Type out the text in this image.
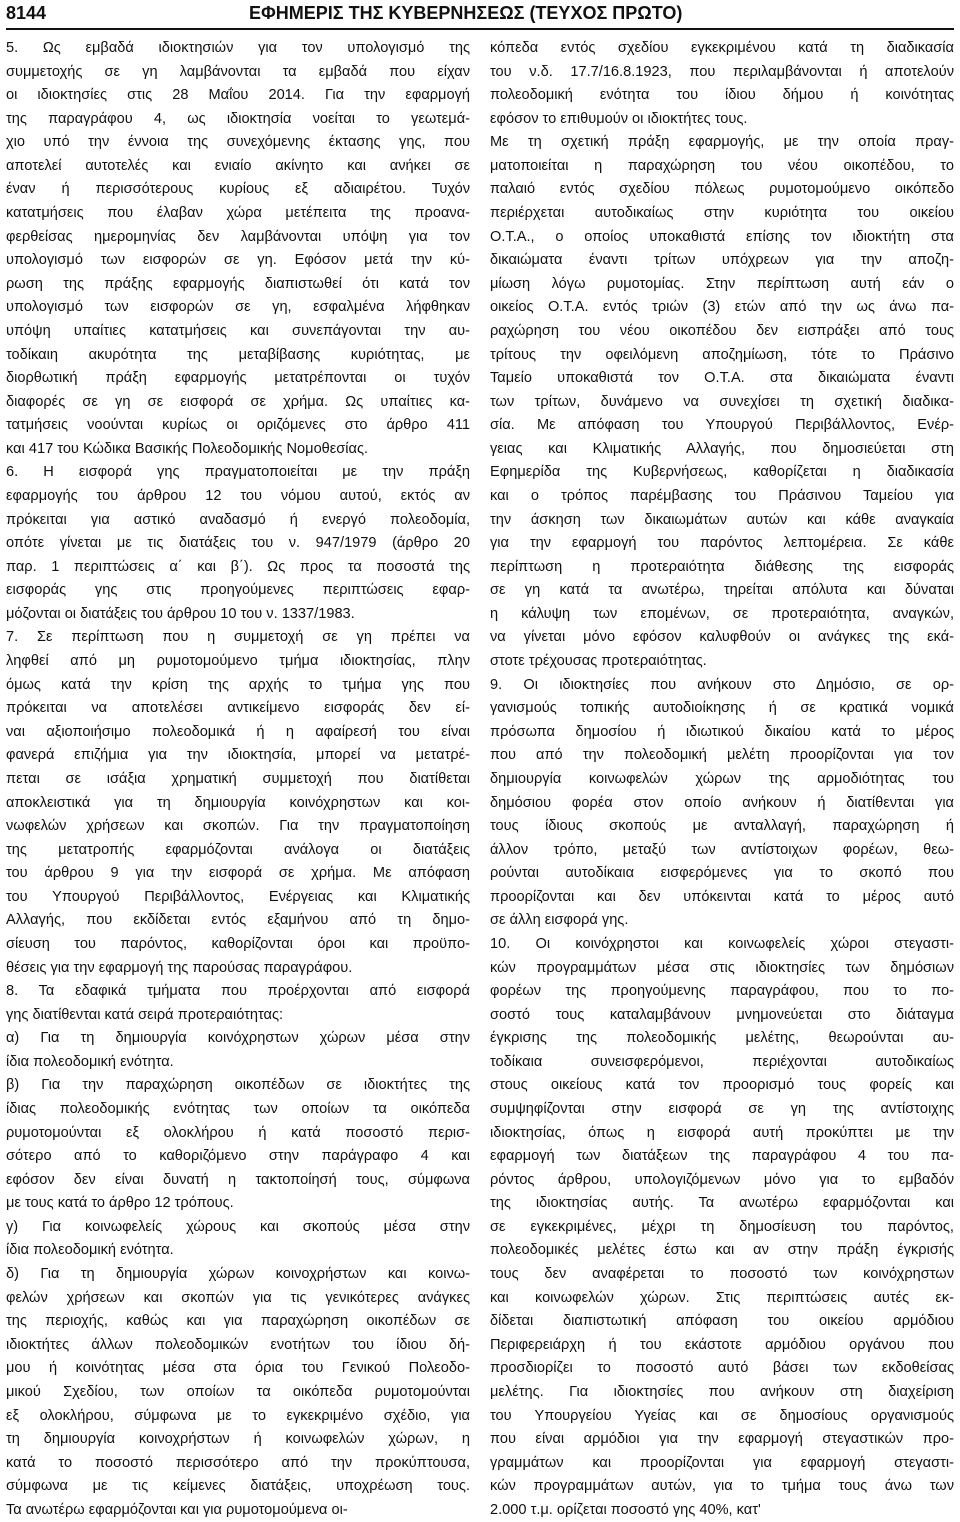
8144	ΕΦΗΜΕΡΙΣ ΤΗΣ ΚΥΒΕΡΝΗΣΕΩΣ (ΤΕΥΧΟΣ ΠΡΩΤΟ)
5. Ως εμβαδά ιδιοκτησιών για τον υπολογισμό της
συμμετοχής σε γη λαμβάνονται τα εμβαδά που είχαν
οι ιδιοκτησίες στις 28 Μαΐου 2014. Για την εφαρμογή
της παραγράφου 4, ως ιδιοκτησία νοείται το γεωτεμά-
χιο υπό την έννοια της συνεχόμενης έκτασης γης, που
αποτελεί αυτοτελές και ενιαίο ακίνητο και ανήκει σε
έναν ή περισσότερους κυρίους εξ αδιαιρέτου. Τυχόν
κατατμήσεις που έλαβαν χώρα μετέπειτα της προανα-
φερθείσας ημερομηνίας δεν λαμβάνονται υπόψη για τον
υπολογισμό των εισφορών σε γη. Εφόσον μετά την κύ-
ρωση της πράξης εφαρμογής διαπιστωθεί ότι κατά τον
υπολογισμό των εισφορών σε γη, εσφαλμένα λήφθηκαν
υπόψη υπαίτιες κατατμήσεις και συνεπάγονται την αυ-
τοδίκαιη ακυρότητα της μεταβίβασης κυριότητας, με
διορθωτική πράξη εφαρμογής μετατρέπονται οι τυχόν
διαφορές σε γη σε εισφορά σε χρήμα. Ως υπαίτιες κα-
τατμήσεις νοούνται κυρίως οι οριζόμενες στο άρθρο 411
και 417 του Κώδικα Βασικής Πολεοδομικής Νομοθεσίας.
6. Η εισφορά γης πραγματοποιείται με την πράξη
εφαρμογής του άρθρου 12 του νόμου αυτού, εκτός αν
πρόκειται για αστικό αναδασμό ή ενεργό πολεοδομία,
οπότε γίνεται με τις διατάξεις του ν. 947/1979 (άρθρο 20
παρ. 1 περιπτώσεις α΄ και β΄). Ως προς τα ποσοστά της
εισφοράς γης στις προηγούμενες περιπτώσεις εφαρ-
μόζονται οι διατάξεις του άρθρου 10 του ν. 1337/1983.
7. Σε περίπτωση που η συμμετοχή σε γη πρέπει να
ληφθεί από μη ρυμοτομούμενο τμήμα ιδιοκτησίας, πλην
όμως κατά την κρίση της αρχής το τμήμα γης που
πρόκειται να αποτελέσει αντικείμενο εισφοράς δεν εί-
ναι αξιοποιήσιμο πολεοδομικά ή η αφαίρεσή του είναι
φανερά επιζήμια για την ιδιοκτησία, μπορεί να μετατρέ-
πεται σε ισάξια χρηματική συμμετοχή που διατίθεται
αποκλειστικά για τη δημιουργία κοινόχρηστων και κοι-
νωφελών χρήσεων και σκοπών. Για την πραγματοποίηση
της μετατροπής εφαρμόζονται ανάλογα οι διατάξεις
του άρθρου 9 για την εισφορά σε χρήμα. Με απόφαση
του Υπουργού Περιβάλλοντος, Ενέργειας και Κλιματικής
Αλλαγής, που εκδίδεται εντός εξαμήνου από τη δημο-
σίευση του παρόντος, καθορίζονται όροι και προϋπο-
θέσεις για την εφαρμογή της παρούσας παραγράφου.
8. Τα εδαφικά τμήματα που προέρχονται από εισφορά
γης διατίθενται κατά σειρά προτεραιότητας:
α) Για τη δημιουργία κοινόχρηστων χώρων μέσα στην
ίδια πολεοδομική ενότητα.
β) Για την παραχώρηση οικοπέδων σε ιδιοκτήτες της
ίδιας πολεοδομικής ενότητας των οποίων τα οικόπεδα
ρυμοτομούνται εξ ολοκλήρου ή κατά ποσοστό περισ-
σότερο από το καθοριζόμενο στην παράγραφο 4 και
εφόσον δεν είναι δυνατή η τακτοποίησή τους, σύμφωνα
με τους κατά το άρθρο 12 τρόπους.
γ) Για κοινωφελείς χώρους και σκοπούς μέσα στην
ίδια πολεοδομική ενότητα.
δ) Για τη δημιουργία χώρων κοινοχρήστων και κοινω-
φελών χρήσεων και σκοπών για τις γενικότερες ανάγκες
της περιοχής, καθώς και για παραχώρηση οικοπέδων σε
ιδιοκτήτες άλλων πολεοδομικών ενοτήτων του ίδιου δή-
μου ή κοινότητας μέσα στα όρια του Γενικού Πολεοδο-
μικού Σχεδίου, των οποίων τα οικόπεδα ρυμοτομούνται
εξ ολοκλήρου, σύμφωνα με το εγκεκριμένο σχέδιο, για
τη δημιουργία κοινοχρήστων ή κοινωφελών χώρων, η
κατά το ποσοστό περισσότερο από την προκύπτουσα,
σύμφωνα με τις κείμενες διατάξεις, υποχρέωση τους.
Τα ανωτέρω εφαρμόζονται και για ρυμοτομούμενα οι-
κόπεδα εντός σχεδίου εγκεκριμένου κατά τη διαδικασία
του ν.δ. 17.7/16.8.1923, που περιλαμβάνονται ή αποτελούν
πολεοδομική ενότητα του ίδιου δήμου ή κοινότητας
εφόσον το επιθυμούν οι ιδιοκτήτες τους.
Με τη σχετική πράξη εφαρμογής, με την οποία πραγ-
ματοποιείται η παραχώρηση του νέου οικοπέδου, το
παλαιό εντός σχεδίου πόλεως ρυμοτομούμενο οικόπεδο
περιέρχεται αυτοδικαίως στην κυριότητα του οικείου
Ο.Τ.Α., ο οποίος υποκαθιστά επίσης τον ιδιοκτήτη στα
δικαιώματα έναντι τρίτων υπόχρεων για την αποζη-
μίωση λόγω ρυμοτομίας. Στην περίπτωση αυτή εάν ο
οικείος Ο.Τ.Α. εντός τριών (3) ετών από την ως άνω πα-
ραχώρηση του νέου οικοπέδου δεν εισπράξει από τους
τρίτους την οφειλόμενη αποζημίωση, τότε το Πράσινο
Ταμείο υποκαθιστά τον Ο.Τ.Α. στα δικαιώματα έναντι
των τρίτων, δυνάμενο να συνεχίσει τη σχετική διαδικα-
σία. Με απόφαση του Υπουργού Περιβάλλοντος, Ενέρ-
γειας και Κλιματικής Αλλαγής, που δημοσιεύεται στη
Εφημερίδα της Κυβερνήσεως, καθορίζεται η διαδικασία
και ο τρόπος παρέμβασης του Πράσινου Ταμείου για
την άσκηση των δικαιωμάτων αυτών και κάθε αναγκαία
για την εφαρμογή του παρόντος λεπτομέρεια. Σε κάθε
περίπτωση η προτεραιότητα διάθεσης της εισφοράς
σε γη κατά τα ανωτέρω, τηρείται απόλυτα και δύναται
η κάλυψη των επομένων, σε προτεραιότητα, αναγκών,
να γίνεται μόνο εφόσον καλυφθούν οι ανάγκες της εκά-
στοτε τρέχουσας προτεραιότητας.
9. Οι ιδιοκτησίες που ανήκουν στο Δημόσιο, σε ορ-
γανισμούς τοπικής αυτοδιοίκησης ή σε κρατικά νομικά
πρόσωπα δημοσίου ή ιδιωτικού δικαίου κατά το μέρος
που από την πολεοδομική μελέτη προορίζονται για τον
δημιουργία κοινωφελών χώρων της αρμοδιότητας του
δημόσιου φορέα στον οποίο ανήκουν ή διατίθενται για
τους ίδιους σκοπούς με ανταλλαγή, παραχώρηση ή
άλλον τρόπο, μεταξύ των αντίστοιχων φορέων, θεω-
ρούνται αυτοδίκαια εισφερόμενες για το σκοπό που
προορίζονται και δεν υπόκεινται κατά το μέρος αυτό
σε άλλη εισφορά γης.
10. Οι κοινόχρηστοι και κοινωφελείς χώροι στεγαστι-
κών προγραμμάτων μέσα στις ιδιοκτησίες των δημόσιων
φορέων της προηγούμενης παραγράφου, που το πο-
σοστό τους καταλαμβάνουν μνημονεύεται στο διάταγμα
έγκρισης της πολεοδομικής μελέτης, θεωρούνται αυ-
τοδίκαια συνεισφερόμενοι, περιέχονται αυτοδικαίως
στους οικείους κατά τον προορισμό τους φορείς και
συμψηφίζονται στην εισφορά σε γη της αντίστοιχης
ιδιοκτησίας, όπως η εισφορά αυτή προκύπτει με την
εφαρμογή των διατάξεων της παραγράφου 4 του πα-
ρόντος άρθρου, υπολογιζόμενων μόνο για το εμβαδόν
της ιδιοκτησίας αυτής. Τα ανωτέρω εφαρμόζονται και
σε εγκεκριμένες, μέχρι τη δημοσίευση του παρόντος,
πολεοδομικές μελέτες έστω και αν στην πράξη έγκρισής
τους δεν αναφέρεται το ποσοστό των κοινόχρηστων
και κοινωφελών χώρων. Στις περιπτώσεις αυτές εκ-
δίδεται διαπιστωτική απόφαση του οικείου αρμόδιου
Περιφερειάρχη ή του εκάστοτε αρμόδιου οργάνου που
προσδιορίζει το ποσοστό αυτό βάσει των εκδοθείσας
μελέτης. Για ιδιοκτησίες που ανήκουν στη διαχείριση
του Υπουργείου Υγείας και σε δημοσίους οργανισμούς
που είναι αρμόδιοι για την εφαρμογή στεγαστικών προ-
γραμμάτων και προορίζονται για εφαρμογή στεγαστι-
κών προγραμμάτων αυτών, για το τμήμα τους άνω των
2.000 τ.μ. ορίζεται ποσοστό γης 40%, κατ'
